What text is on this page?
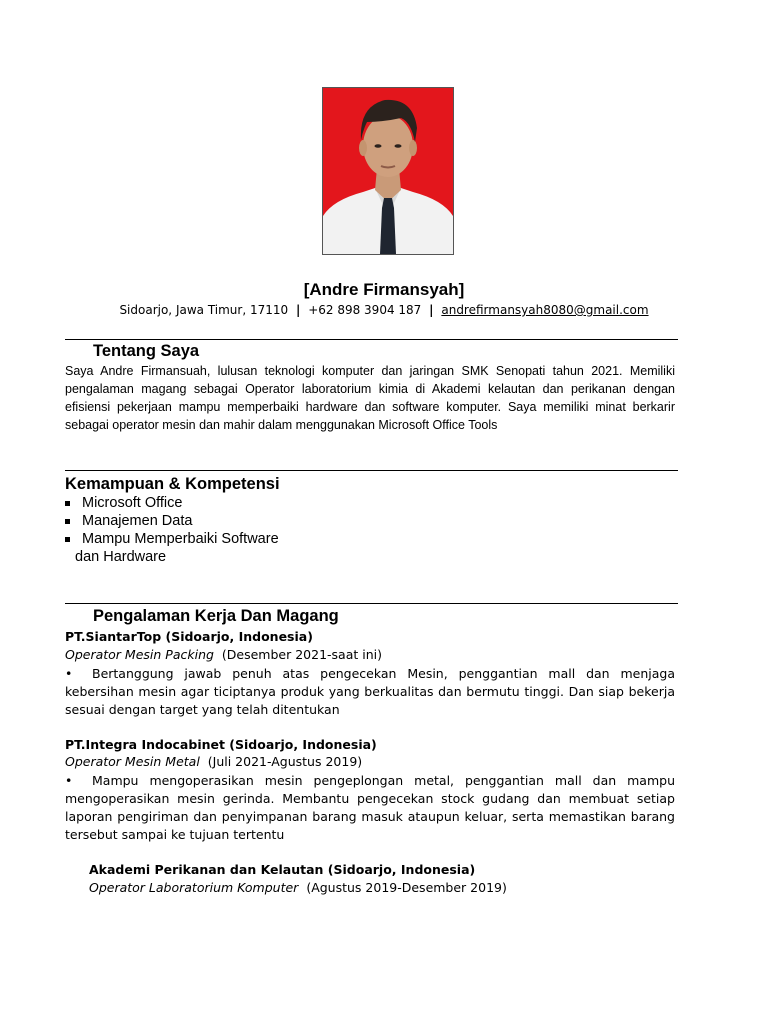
[Andre Firmansyah]
Sidoarjo, Jawa Timur, 17110 | +62 898 3904 187 | andrefirmansyah8080@gmail.com
Tentang Saya
Saya Andre Firmansuah, lulusan teknologi komputer dan jaringan SMK Senopati tahun 2021. Memiliki pengalaman magang sebagai Operator laboratorium kimia di Akademi kelautan dan perikanan dengan efisiensi pekerjaan mampu memperbaiki hardware dan software komputer. Saya memiliki minat berkarir sebagai operator mesin dan mahir dalam menggunakan Microsoft Office Tools
Kemampuan & Kompetensi
Microsoft Office
Manajemen Data
Mampu Memperbaiki Software
dan Hardware
Pengalaman Kerja Dan Magang
PT.SiantarTop (Sidoarjo, Indonesia)
Operator Mesin Packing (Desember 2021-saat ini)
• Bertanggung jawab penuh atas pengecekan Mesin, penggantian mall dan menjaga kebersihan mesin agar ticiptanya produk yang berkualitas dan bermutu tinggi. Dan siap bekerja sesuai dengan target yang telah ditentukan
PT.Integra Indocabinet (Sidoarjo, Indonesia)
Operator Mesin Metal (Juli 2021-Agustus 2019)
• Mampu mengoperasikan mesin pengeplongan metal, penggantian mall dan mampu mengoperasikan mesin gerinda. Membantu pengecekan stock gudang dan membuat setiap laporan pengiriman dan penyimpanan barang masuk ataupun keluar, serta memastikan barang tersebut sampai ke tujuan tertentu
Akademi Perikanan dan Kelautan (Sidoarjo, Indonesia)
Operator Laboratorium Komputer (Agustus 2019-Desember 2019)
